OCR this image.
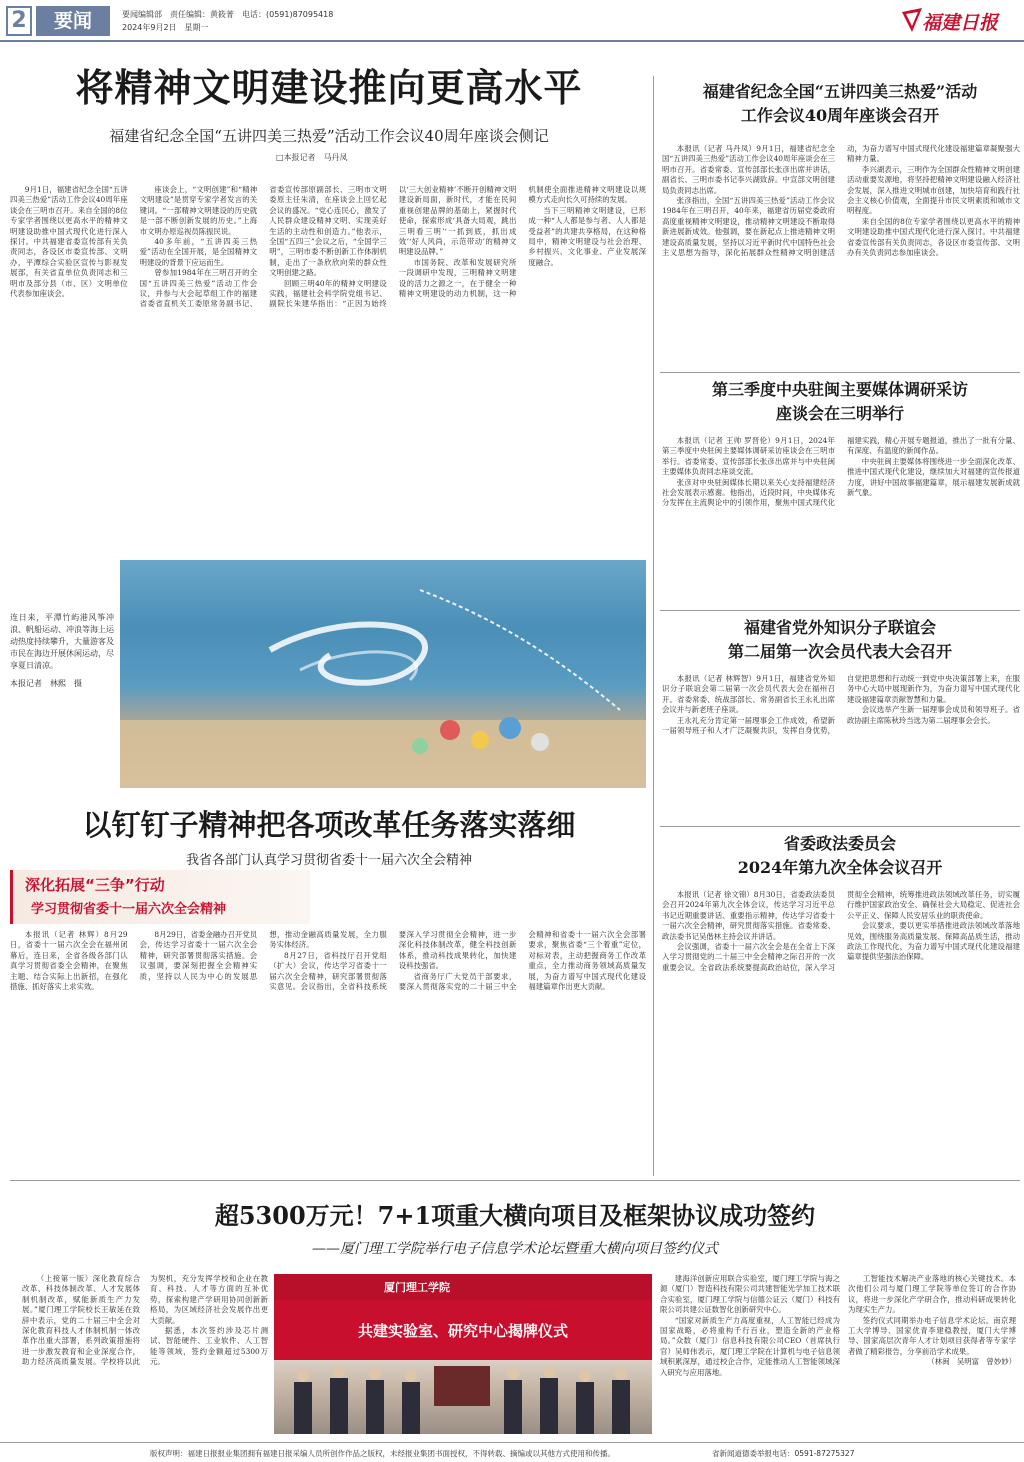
2	要闻	要闻编辑部　责任编辑：黄筱菁　电话：(0591)87095418
2024年9月2日　星期一	福建日报
将精神文明建设推向更高水平
福建省纪念全国“五讲四美三热爱”活动工作会议40周年座谈会侧记
□本报记者　马丹凤

9月1日，福建省纪念全国“五讲四美三热爱”活动工作会议40周年座谈会在三明市召开。来自全国的8位专家学者围绕以更高水平的精神文明建设助推中国式现代化进行深入探讨。中共福建省委宣传部有关负责同志，各设区市委宣传部、文明办，平潭综合实验区宣传与影视发展部，有关省直单位负责同志和三明市及部分县（市、区）文明单位代表参加座谈会。

座谈会上，“文明创建”和“精神文明建设”是贯穿专家学者发言的关键词。“一部精神文明建设的历史就是一部不断创新发展的历史。”上海市文明办原巡视员陈振民说。

40多年前，“五讲四美三热爱”活动在全国开展，是全国精神文明建设的背景下应运而生。

曾参加1984年在三明召开的全国“五讲四美三热爱”活动工作会议，并参与大会起草组工作的福建省委省直机关工委原常务副书记、省委宣传部原副部长、三明市文明委原主任朱清，在座谈会上回忆起会议的盛况。“党心连民心，激发了人民群众建设精神文明、实现美好生活的主动性和创造力。”他表示，全国“五四三”会议之后，“全国学三明”，三明市委不断创新工作体制机制，走出了一条欣欣向荣的群众性文明创建之路。

回顾三明40年的精神文明建设实践，福建社会科学院党组书记、副院长朱建华指出：“正因为始终以‘三大创业精神’不断开创精神文明建设新局面，新时代，才能在民间重视创建品牌的基础上，紧握时代使命，探索形成‘具备大局观，跳出三明看三明’‘一抓到底，抓出成效’‘好人风尚，示范带动’的精神文明建设品牌。”

市国务院、改革和发展研究所一段调研中发现，三明精神文明建设的活力之源之一，在于健全一种精神文明建设的动力机制，这一种机制使全面推进精神文明建设以规模方式走向长久可持续的发展。

当下三明精神文明建设，已形成一种“人人都是参与者、人人都是受益者”的共建共享格局，在这种格局中，精神文明建设与社会治理、乡村振兴、文化事业、产业发展深度融合。

连日来，平潭竹屿港风筝冲浪、帆船运动、冲浪等海上运动热度持续攀升，大量游客及市民在海边开展休闲运动，尽享夏日清凉。
本报记者　林熙　摄
以钉钉子精神把各项改革任务落实落细
我省各部门认真学习贯彻省委十一届六次全会精神
深化拓展“三争”行动
学习贯彻省委十一届六次全会精神

本报讯（记者 林辉）8月29日，省委十一届六次全会在福州闭幕后，连日来，全省各级各部门认真学习贯彻省委全会精神，在聚焦主题、结合实际上出新招，在强化措施、抓好落实上求实效。

8月29日，省委金融办召开党员会，传达学习省委十一届六次全会精神，研究部署贯彻落实措施。会议强调，要深刻把握全会精神实质，坚持以人民为中心的发展思想，推动金融高质量发展，全力服务实体经济。

8月27日，省科技厅召开党组（扩大）会议，传达学习省委十一届六次全会精神，研究部署贯彻落实意见。会议指出，全省科技系统要深入学习贯彻全会精神，进一步深化科技体制改革，健全科技创新体系，推动科技成果转化，加快建设科技强省。

省商务厅广大党员干部要求，要深入贯彻落实党的二十届三中全会精神和省委十一届六次全会部署要求，聚焦省委“三个着重”定位，对标对表，主动把握商务工作改革重点，全力推动商务领域高质量发展，为奋力谱写中国式现代化建设福建篇章作出更大贡献。

福建省纪念全国“五讲四美三热爱”活动
工作会议40周年座谈会召开

本报讯（记者 马丹凤）9月1日，福建省纪念全国“五讲四美三热爱”活动工作会议40周年座谈会在三明市召开。省委常委、宣传部部长张彦出席并讲话，副省长、三明市委书记李兴湖致辞。中宣部文明创建局负责同志出席。

张彦指出，全国“五讲四美三热爱”活动工作会议1984年在三明召开，40年来，福建省历届党委政府高度重视精神文明建设，推动精神文明建设不断取得新进展新成效。他强调，要在新起点上推进精神文明建设高质量发展，坚持以习近平新时代中国特色社会主义思想为指导，深化拓展群众性精神文明创建活动，为奋力谱写中国式现代化建设福建篇章凝聚强大精神力量。

李兴湖表示，三明作为全国群众性精神文明创建活动重要发源地，将坚持把精神文明建设融入经济社会发展，深入推进文明城市创建，加快培育和践行社会主义核心价值观，全面提升市民文明素质和城市文明程度。

来自全国的8位专家学者围绕以更高水平的精神文明建设助推中国式现代化进行深入探讨。中共福建省委宣传部有关负责同志，各设区市委宣传部、文明办有关负责同志参加座谈会。

第三季度中央驻闽主要媒体调研采访
座谈会在三明举行

本报讯（记者 王帅 罗晋伦）9月1日，2024年第三季度中央驻闽主要媒体调研采访座谈会在三明市举行。省委常委、宣传部部长张彦出席并与中央驻闽主要媒体负责同志座谈交流。

张彦对中央驻闽媒体长期以来关心支持福建经济社会发展表示感谢。他指出，近段时间，中央媒体充分发挥在主流舆论中的引领作用，聚焦中国式现代化福建实践，精心开展专题报道，推出了一批有分量、有深度、有温度的新闻作品。

中央驻闽主要媒体将围绕进一步全面深化改革、推进中国式现代化建设，继续加大对福建的宣传报道力度，讲好中国故事福建篇章，展示福建发展新成就新气象。

福建省党外知识分子联谊会
第二届第一次会员代表大会召开

本报讯（记者 林辉智）9月1日，福建省党外知识分子联谊会第二届第一次会员代表大会在福州召开。省委常委、统战部部长、常务副省长王永礼出席会议并与新老班子座谈。

王永礼充分肯定第一届理事会工作成效，希望新一届领导班子和人才广泛凝聚共识，发挥自身优势，自觉把思想和行动统一到党中央决策部署上来，在服务中心大局中展现新作为，为奋力谱写中国式现代化建设福建篇章贡献智慧和力量。

会议选举产生新一届理事会成员和领导班子。省政协副主席陈秋玲当选为第二届理事会会长。

省委政法委员会
2024年第九次全体会议召开

本报讯（记者 徐文锦）8月30日，省委政法委员会召开2024年第九次全体会议，传达学习习近平总书记近期重要讲话、重要指示精神，传达学习省委十一届六次全会精神，研究贯彻落实措施。省委常委、政法委书记吴偕林主持会议并讲话。

会议强调，省委十一届六次全会是在全省上下深入学习贯彻党的二十届三中全会精神之际召开的一次重要会议。全省政法系统要提高政治站位，深入学习贯彻全会精神，统筹推进政法领域改革任务，切实履行维护国家政治安全、确保社会大局稳定、促进社会公平正义、保障人民安居乐业的职责使命。

会议要求，要以更实举措推进政法领域改革落地见效，围绕服务高质量发展、保障高品质生活，推动政法工作现代化，为奋力谱写中国式现代化建设福建篇章提供坚强法治保障。

超5300万元！7+1项重大横向项目及框架协议成功签约
——厦门理工学院举行电子信息学术论坛暨重大横向项目签约仪式

（上接第一版）深化教育综合改革、科技体制改革、人才发展体制机制改革，赋能新质生产力发展。”厦门理工学院校长王敏延在致辞中表示，党的二十届三中全会对深化教育科技人才体制机制一体改革作出重大部署，系列政策措施将进一步激发教育和企业深度合作，助力经济高质量发展。学校将以此为契机，充分发挥学校和企业在教育、科技、人才等方面的互补优势，探索构建产学研用协同创新新格局，为区域经济社会发展作出更大贡献。

据悉，本次签约涉及芯片测试、智能硬件、工业软件、人工智能等领域，签约金额超过5300万元。

厦门理工学院
共建实验室、研究中心揭牌仪式

建海洋创新应用联合实验室，厦门理工学院与海之源（厦门）智造科技有限公司共建智能光学加工技术联合实验室，厦门理工学院与信德公证云（厦门）科技有限公司共建公证数智化创新研究中心。

“国家对新质生产力高度重视，人工智能已经成为国家战略，必将重构千行百业，塑造全新的产业格局。”众数（厦门）信息科技有限公司CEO（首席执行官）吴师伟表示，厦门理工学院在计算机与电子信息领域积累深厚，通过校企合作，定能推动人工智能领域深入研究与应用落地。

工智能技术解决产业落地的核心关键技术。本次他们公司与厦门理工学院等单位签订的合作协议，将进一步深化产学研合作，推动科研成果转化为现实生产力。

签约仪式同期举办电子信息学术论坛。南京理工大学博导、国家优青李建稳教授，厦门大学博导、国家高层次青年人才计划项目获得者等专家学者做了精彩报告，分享前沿学术成果。

（林闽　吴明富　曾妙妙）

版权声明：福建日报报业集团拥有福建日报采编人员所创作作品之版权，未经报业集团书面授权，不得转载、摘编或以其他方式使用和传播。	省新闻道德委举报电话：0591-87275327
